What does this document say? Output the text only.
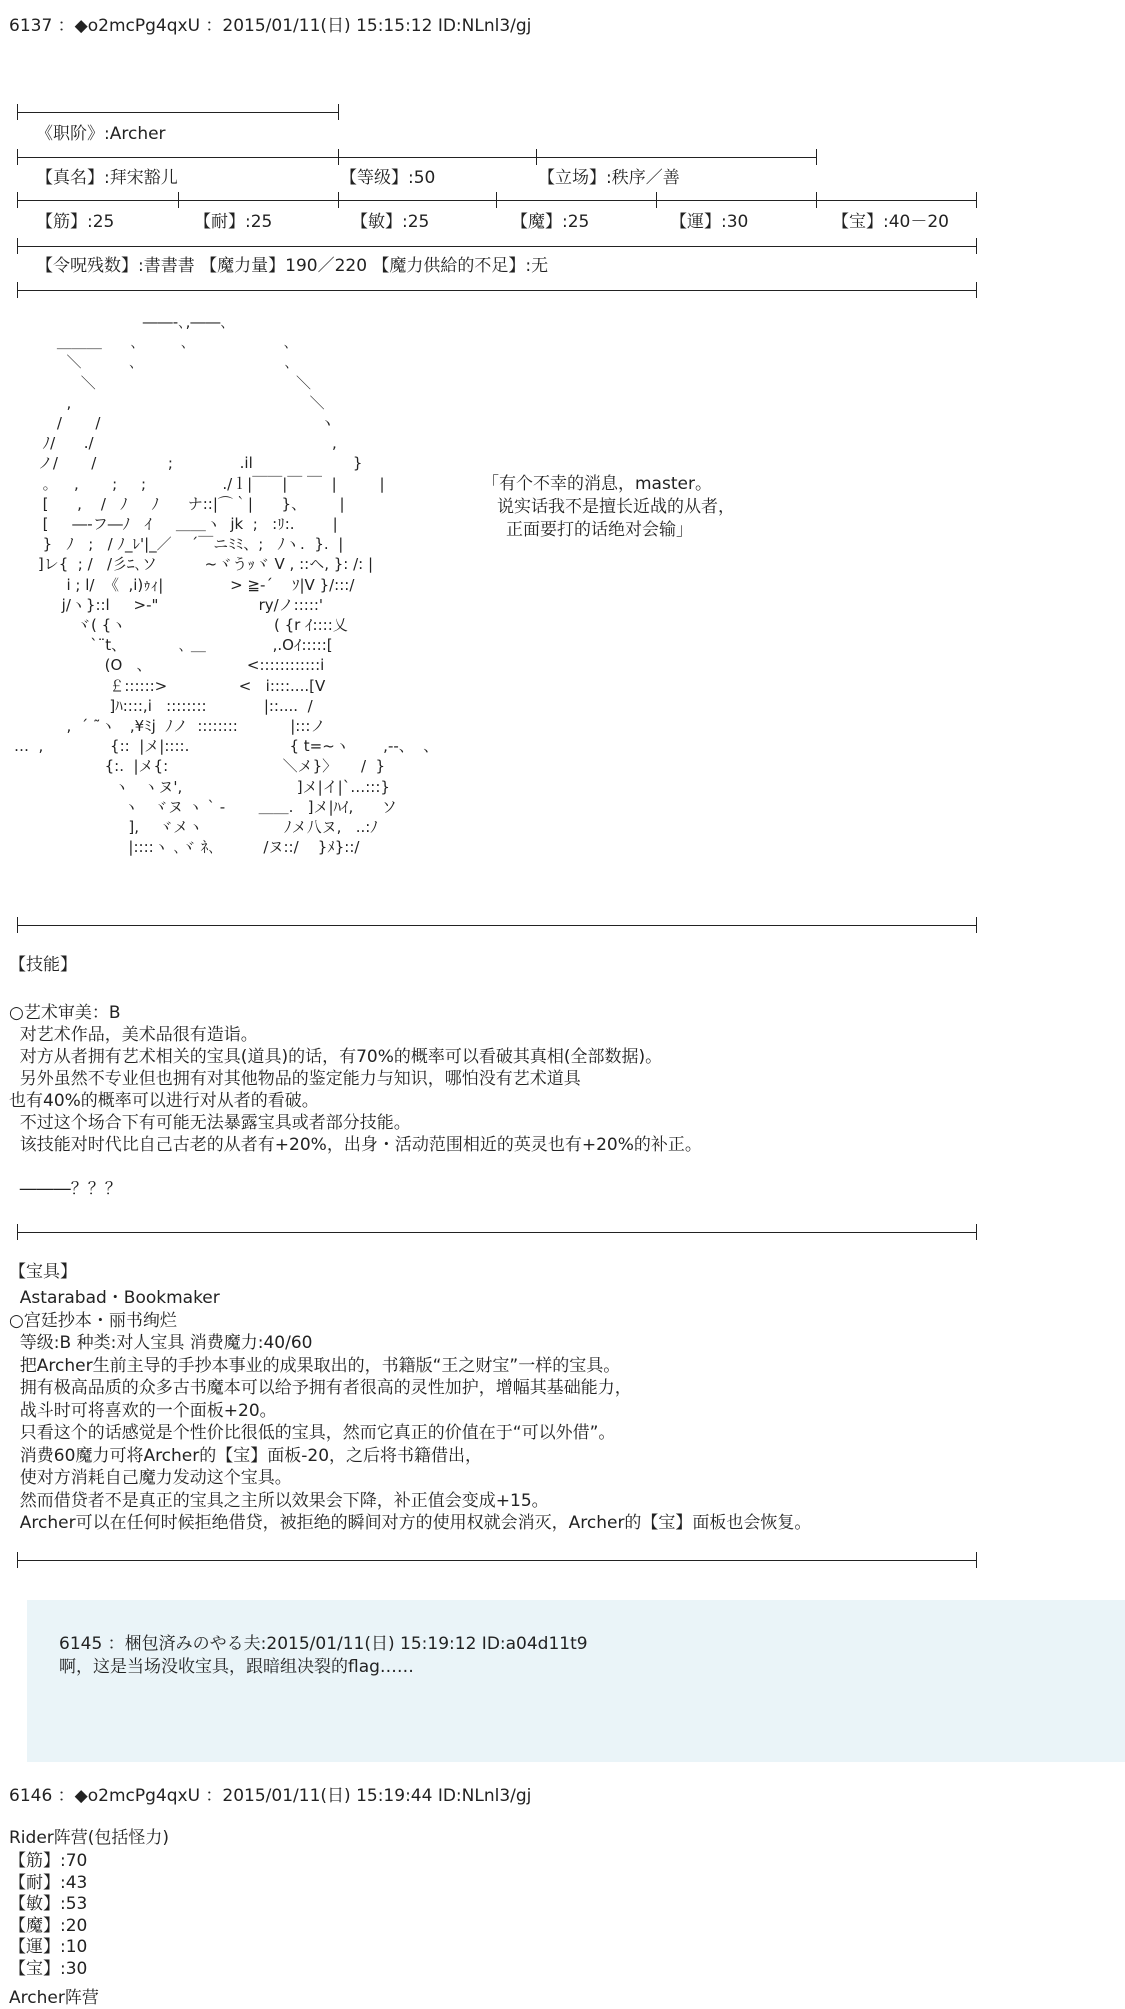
6137 ：◆o2mcPg4qxU ：2015/01/11(日) 15:15:12 ID:NLnl3/gj
《职阶》:Archer
【真名】:拜宋豁儿	【等级】:50	【立场】:秩序／善
【筋】:25	【耐】:25	【敏】:25	【魔】:25	【運】:30	【宝】:40－20
【令呪残数】:書書書 【魔力量】190／220 【魔力供給的不足】:无
――‐､,――､
＿＿＿      ､         ､                    ､
＼          ､                               ､
＼                                          ＼
,                                                  ＼
/       /                                              ヽ
ﾉ/      ./                                                  ,
ノ/       /               ;              .il                     }
｡     ,       ;     ;                ./ｌ|￣￣|￣ ￣  |         |
[      ,    /   ﾉ     ﾉ      ナ::|⌒｀|      }、       |
[     ―‐フ―ﾉ   ｲ     ＿＿ヽ  jk  ;   :ﾘ:.        |
}   ﾉ   ;   / ﾉ_ﾚ'|_／    ´￣ニﾐﾐ、;   ﾉヽ.  }.  |
]レ{  ; /   /彡ﾆ､ソ          ~ヾうｯヾ V , ::ヘ, }: /: |
i ; l/  《  ,i)ｩｨ|              > ≧-´    ｿ|V }/:::/
j/ヽ}::l     >-"                     ry/ノ:::::'
ヾ( {ヽ                               ( {r ｲ::::乂
`¨t、           ､ ＿              ,.Oｲ:::::[
(O   、                    <::::::::::::i
￡::::::>               <   i::::....[V
]ﾊ::::,i   ::::::::            |::....  /
,  ´ ˜ヽ   ,¥ﾐj  ﾉノ  ::::::::           |:::ノ
…  ,              {::  |メ|::::.                     { t=~ヽ       ,‐‐、  、
{:.  |メ{:                        ＼メ}〉     /  }
ヽ   ヽヌ',                        ]メ|イ|`…:::}
ヽ   ヾヌ ヽ ` -       ＿＿.   ]メ|ﾊｲ,      ソ
],    ヾメヽ                 ﾉメ八ヌ,   ..:ﾉ
|::::ヽ ､ヾ ﾈ､          /ヌ::/    }ﾒ}::/
「有个不幸的消息，master。
说实话我不是擅长近战的从者，
正面要打的话绝对会输」
【技能】
○艺术审美：B
对艺术作品，美术品很有造诣。
对方从者拥有艺术相关的宝具(道具)的话，有70%的概率可以看破其真相(全部数据)。
另外虽然不专业但也拥有对其他物品的鉴定能力与知识，哪怕没有艺术道具
也有40%的概率可以进行对从者的看破。
不过这个场合下有可能无法暴露宝具或者部分技能。
该技能对时代比自己古老的从者有+20%，出身・活动范围相近的英灵也有+20%的补正。
―――？？？
【宝具】
Astarabad・Bookmaker
○宫廷抄本・丽书绚烂
等级:B 种类:对人宝具 消费魔力:40/60
把Archer生前主导的手抄本事业的成果取出的，书籍版“王之财宝”一样的宝具。
拥有极高品质的众多古书魔本可以给予拥有者很高的灵性加护，增幅其基础能力，
战斗时可将喜欢的一个面板+20。
只看这个的话感觉是个性价比很低的宝具，然而它真正的价值在于“可以外借”。
消费60魔力可将Archer的【宝】面板-20，之后将书籍借出，
使对方消耗自己魔力发动这个宝具。
然而借贷者不是真正的宝具之主所以效果会下降，补正值会变成+15。
Archer可以在任何时候拒绝借贷，被拒绝的瞬间对方的使用权就会消灭，Archer的【宝】面板也会恢复。
6145 ：梱包済みのやる夫:2015/01/11(日) 15:19:12 ID:a04d11t9
啊，这是当场没收宝具，跟暗组决裂的flag……
6146 ：◆o2mcPg4qxU ：2015/01/11(日) 15:19:44 ID:NLnl3/gj
Rider阵营(包括怪力)
【筋】:70
【耐】:43
【敏】:53
【魔】:20
【運】:10
【宝】:30
Archer阵营
